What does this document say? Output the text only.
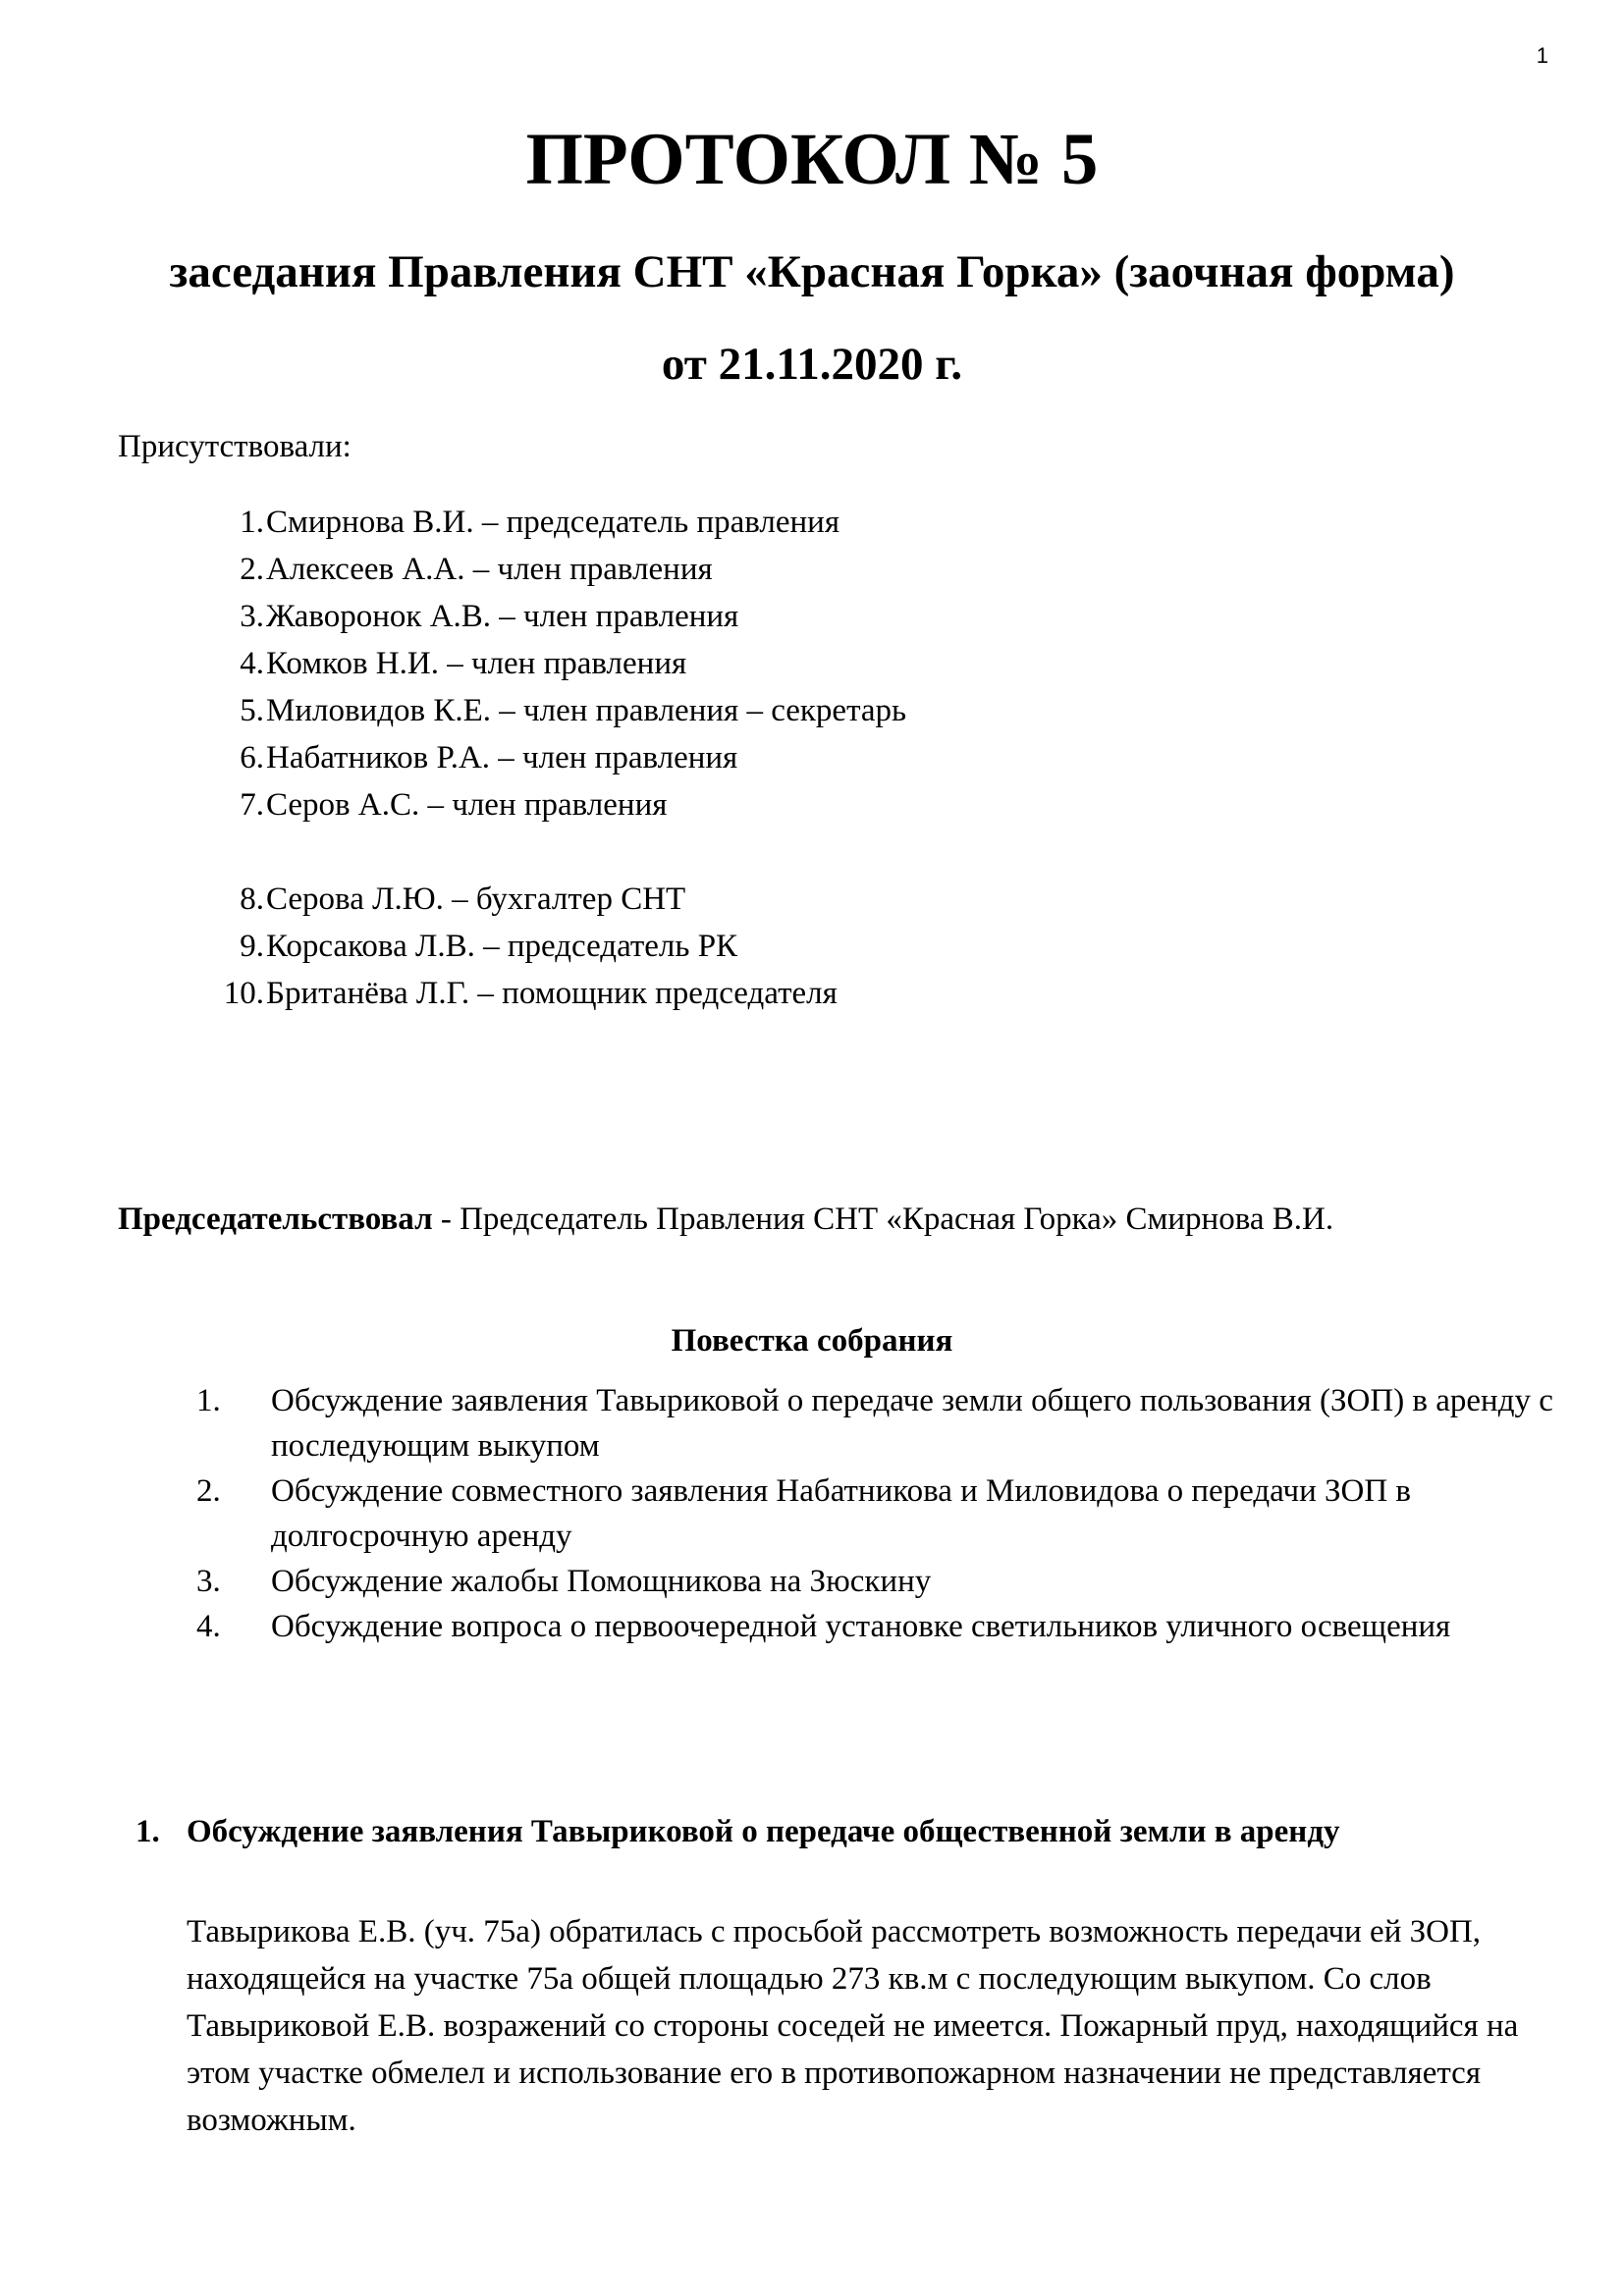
1
ПРОТОКОЛ № 5
заседания Правления СНТ «Красная Горка» (заочная форма)
от 21.11.2020 г.
Присутствовали:
1.Смирнова В.И. – председатель правления
2.Алексеев А.А. – член правления
3.Жаворонок А.В. – член правления
4.Комков Н.И. – член правления
5.Миловидов К.Е. – член правления – секретарь
6.Набатников Р.А. – член правления
7.Серов А.С. – член правления
8.Серова Л.Ю. – бухгалтер СНТ
9.Корсакова Л.В. – председатель РК
10.Британёва Л.Г. – помощник председателя
Председательствовал - Председатель Правления СНТ «Красная Горка» Смирнова В.И.
Повестка собрания
1.	Обсуждение заявления Тавыриковой о передаче земли общего пользования (ЗОП) в аренду с последующим выкупом
2.	Обсуждение совместного заявления Набатникова и Миловидова о передачи ЗОП в долгосрочную аренду
3.	Обсуждение жалобы Помощникова на Зюскину
4.	Обсуждение вопроса о первоочередной установке светильников уличного освещения
1. Обсуждение заявления Тавыриковой о передаче общественной земли в аренду

Тавырикова Е.В. (уч. 75а) обратилась с просьбой рассмотреть возможность передачи ей ЗОП, находящейся на участке 75а общей площадью 273 кв.м с последующим выкупом. Со слов Тавыриковой Е.В. возражений со стороны соседей не имеется. Пожарный пруд, находящийся на этом участке обмелел и использование его в противопожарном назначении не представляется возможным.
